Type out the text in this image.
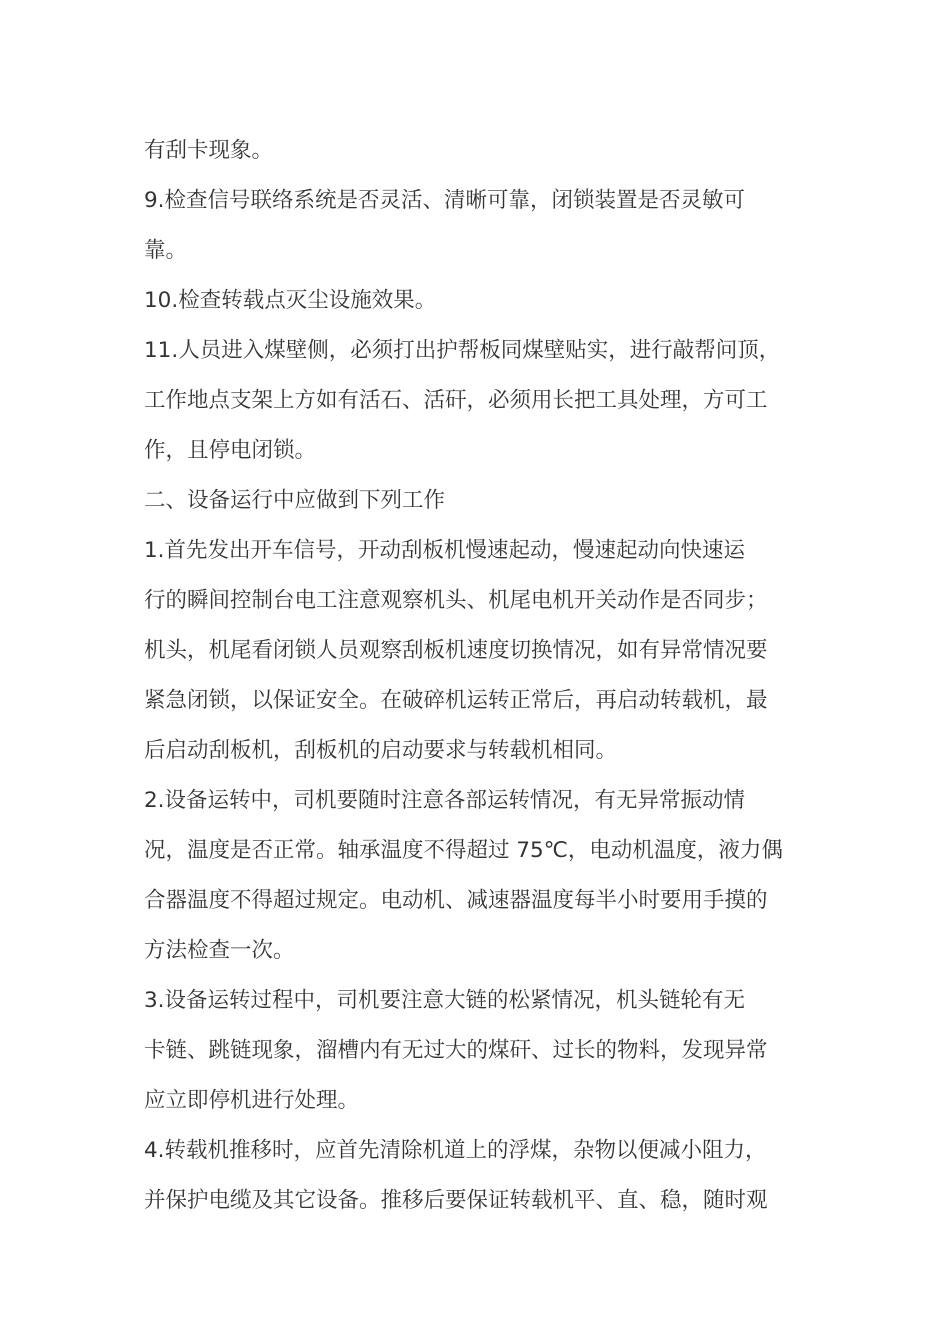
有刮卡现象。
9.检查信号联络系统是否灵活、清晰可靠，闭锁装置是否灵敏可
靠。
10.检查转载点灭尘设施效果。
11.人员进入煤壁侧，必须打出护帮板同煤壁贴实，进行敲帮问顶，
工作地点支架上方如有活石、活矸，必须用长把工具处理，方可工
作，且停电闭锁。
二、设备运行中应做到下列工作
1.首先发出开车信号，开动刮板机慢速起动，慢速起动向快速运
行的瞬间控制台电工注意观察机头、机尾电机开关动作是否同步；
机头，机尾看闭锁人员观察刮板机速度切换情况，如有异常情况要
紧急闭锁，以保证安全。在破碎机运转正常后，再启动转载机，最
后启动刮板机，刮板机的启动要求与转载机相同。
2.设备运转中，司机要随时注意各部运转情况，有无异常振动情
况，温度是否正常。轴承温度不得超过 75℃，电动机温度，液力偶
合器温度不得超过规定。电动机、减速器温度每半小时要用手摸的
方法检查一次。
3.设备运转过程中，司机要注意大链的松紧情况，机头链轮有无
卡链、跳链现象，溜槽内有无过大的煤矸、过长的物料，发现异常
应立即停机进行处理。
4.转载机推移时，应首先清除机道上的浮煤，杂物以便减小阻力，
并保护电缆及其它设备。推移后要保证转载机平、直、稳，随时观
